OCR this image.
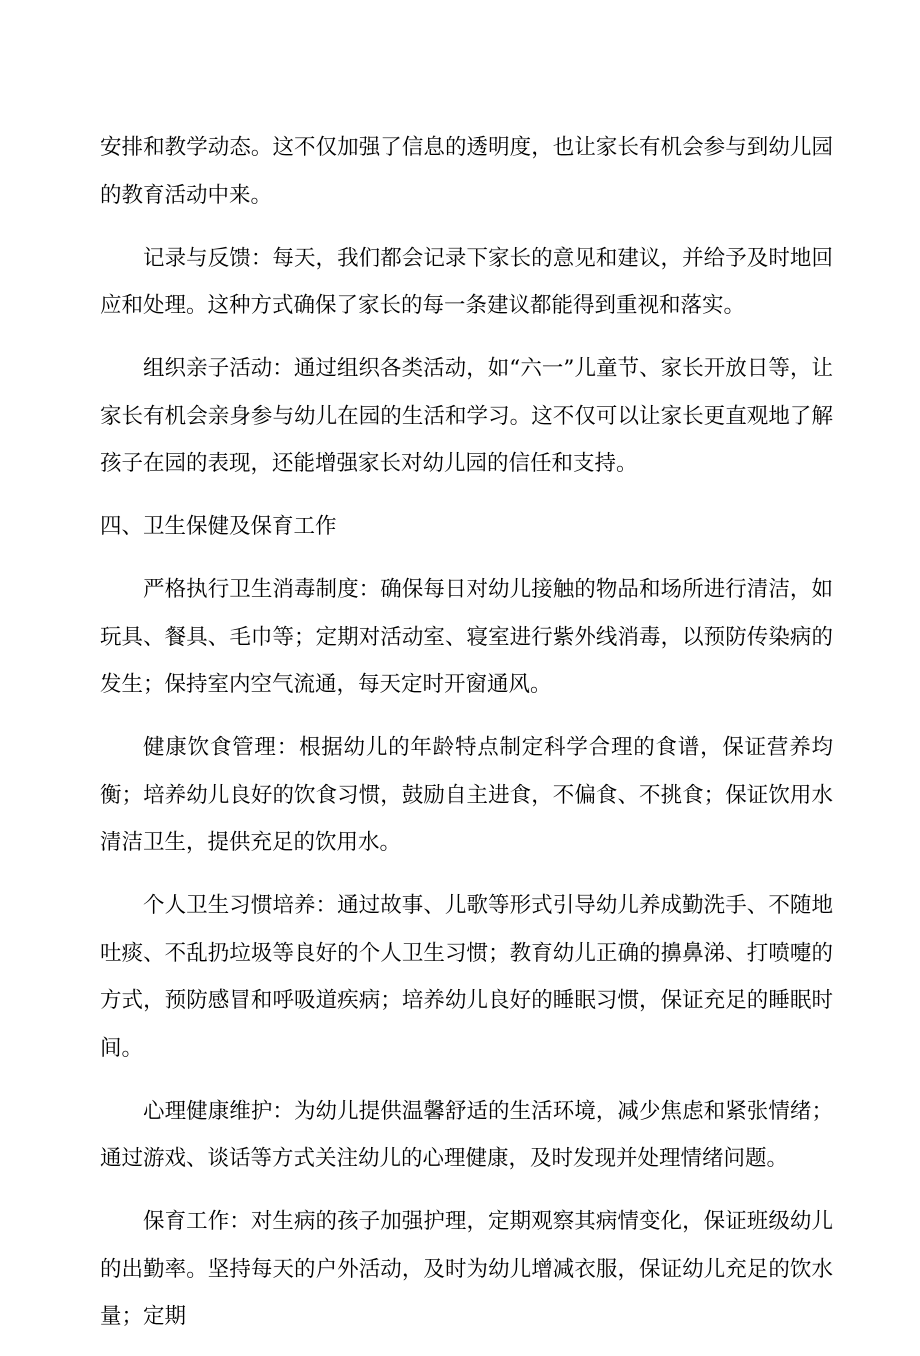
安排和教学动态。这不仅加强了信息的透明度，也让家长有机会参与到幼儿园的教育活动中来。

记录与反馈：每天，我们都会记录下家长的意见和建议，并给予及时地回应和处理。这种方式确保了家长的每一条建议都能得到重视和落实。

组织亲子活动：通过组织各类活动，如“六一”儿童节、家长开放日等，让家长有机会亲身参与幼儿在园的生活和学习。这不仅可以让家长更直观地了解孩子在园的表现，还能增强家长对幼儿园的信任和支持。

四、卫生保健及保育工作

严格执行卫生消毒制度：确保每日对幼儿接触的物品和场所进行清洁，如玩具、餐具、毛巾等；定期对活动室、寝室进行紫外线消毒，以预防传染病的发生；保持室内空气流通，每天定时开窗通风。

健康饮食管理：根据幼儿的年龄特点制定科学合理的食谱，保证营养均衡；培养幼儿良好的饮食习惯，鼓励自主进食，不偏食、不挑食；保证饮用水清洁卫生，提供充足的饮用水。

个人卫生习惯培养：通过故事、儿歌等形式引导幼儿养成勤洗手、不随地吐痰、不乱扔垃圾等良好的个人卫生习惯；教育幼儿正确的擤鼻涕、打喷嚏的方式，预防感冒和呼吸道疾病；培养幼儿良好的睡眠习惯，保证充足的睡眠时间。

心理健康维护：为幼儿提供温馨舒适的生活环境，减少焦虑和紧张情绪；通过游戏、谈话等方式关注幼儿的心理健康，及时发现并处理情绪问题。

保育工作：对生病的孩子加强护理，定期观察其病情变化，保证班级幼儿的出勤率。坚持每天的户外活动，及时为幼儿增减衣服，保证幼儿充足的饮水量；定期
